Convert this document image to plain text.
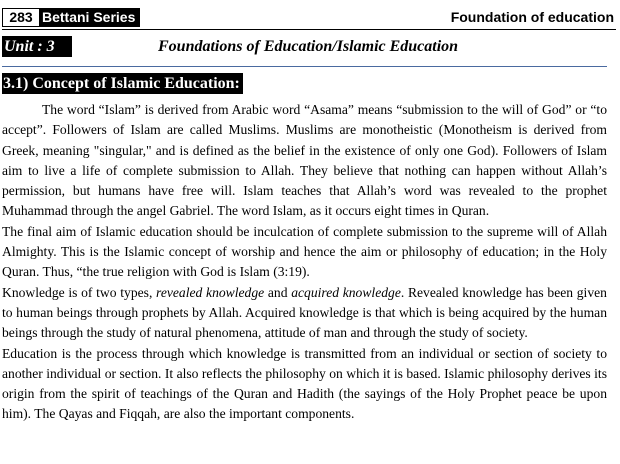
283 Bettani Series	Foundation of education
Unit : 3	Foundations of Education/Islamic Education
3.1) Concept of Islamic Education:

The word “Islam” is derived from Arabic word “Asama” means “submission to the will of God” or “to accept”. Followers of Islam are called Muslims. Muslims are monotheistic (Monotheism is derived from Greek, meaning "singular," and is defined as the belief in the existence of only one God). Followers of Islam aim to live a life of complete submission to Allah. They believe that nothing can happen without Allah’s permission, but humans have free will. Islam teaches that Allah’s word was revealed to the prophet Muhammad through the angel Gabriel. The word Islam, as it occurs eight times in Quran.

The final aim of Islamic education should be inculcation of complete submission to the supreme will of Allah Almighty. This is the Islamic concept of worship and hence the aim or philosophy of education; in the Holy Quran. Thus, “the true religion with God is Islam (3:19).

Knowledge is of two types, revealed knowledge and acquired knowledge. Revealed knowledge has been given to human beings through prophets by Allah. Acquired knowledge is that which is being acquired by the human beings through the study of natural phenomena, attitude of man and through the study of society.

Education is the process through which knowledge is transmitted from an individual or section of society to another individual or section. It also reflects the philosophy on which it is based. Islamic philosophy derives its origin from the spirit of teachings of the Quran and Hadith (the sayings of the Holy Prophet peace be upon him). The Qayas and Fiqqah, are also the important components.
